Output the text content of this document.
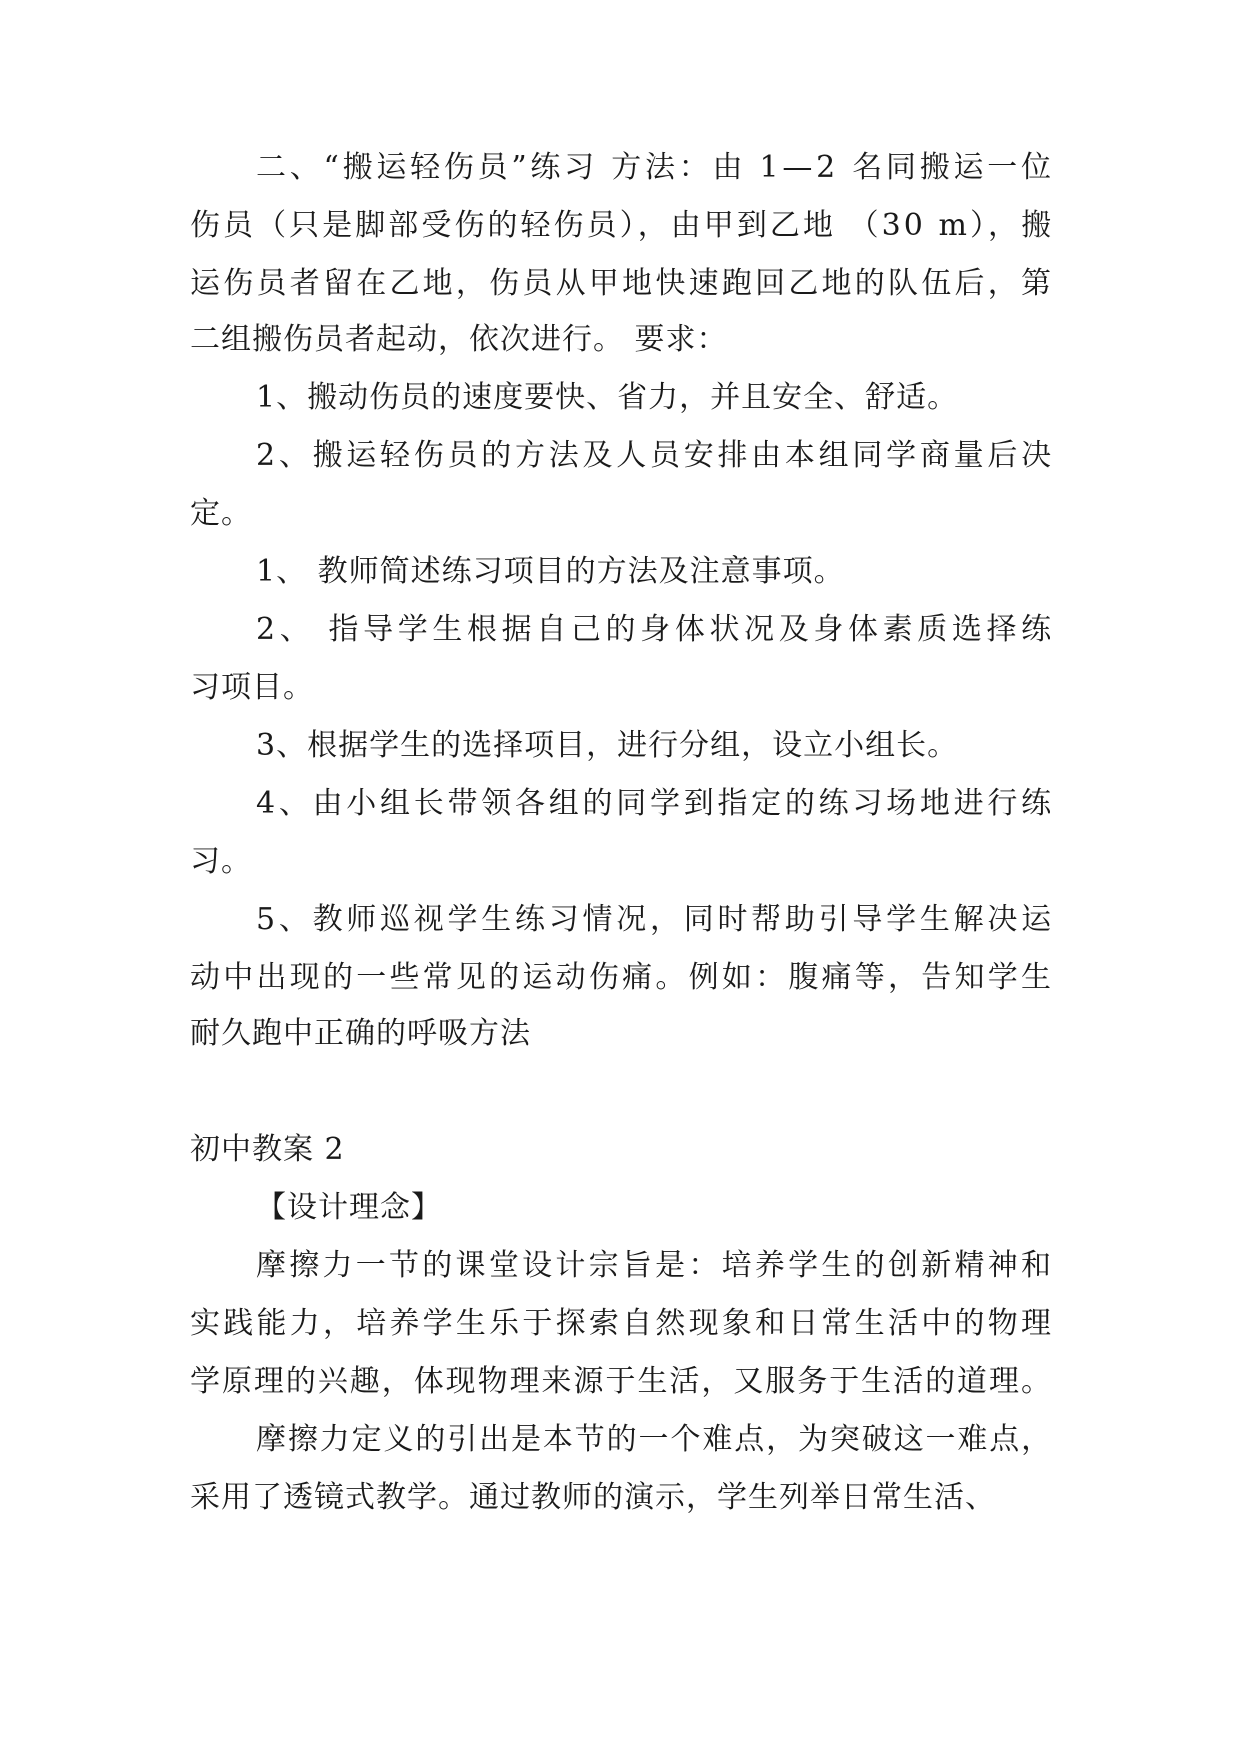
二、“搬运轻伤员”练习 方法：由 1—2 名同搬运一位
伤员（只是脚部受伤的轻伤员），由甲到乙地 （30 m），搬
运伤员者留在乙地，伤员从甲地快速跑回乙地的队伍后，第
二组搬伤员者起动，依次进行。 要求：
1、搬动伤员的速度要快、省力，并且安全、舒适。
2、搬运轻伤员的方法及人员安排由本组同学商量后决
定。
1、 教师简述练习项目的方法及注意事项。
2、 指导学生根据自己的身体状况及身体素质选择练
习项目。
3、根据学生的选择项目，进行分组，设立小组长。
4、由小组长带领各组的同学到指定的练习场地进行练
习。
5、教师巡视学生练习情况，同时帮助引导学生解决运
动中出现的一些常见的运动伤痛。例如：腹痛等，告知学生
耐久跑中正确的呼吸方法
初中教案 2
【设计理念】
摩擦力一节的课堂设计宗旨是：培养学生的创新精神和
实践能力，培养学生乐于探索自然现象和日常生活中的物理
学原理的兴趣，体现物理来源于生活，又服务于生活的道理。
摩擦力定义的引出是本节的一个难点，为突破这一难点，
采用了透镜式教学。通过教师的演示，学生列举日常生活、
